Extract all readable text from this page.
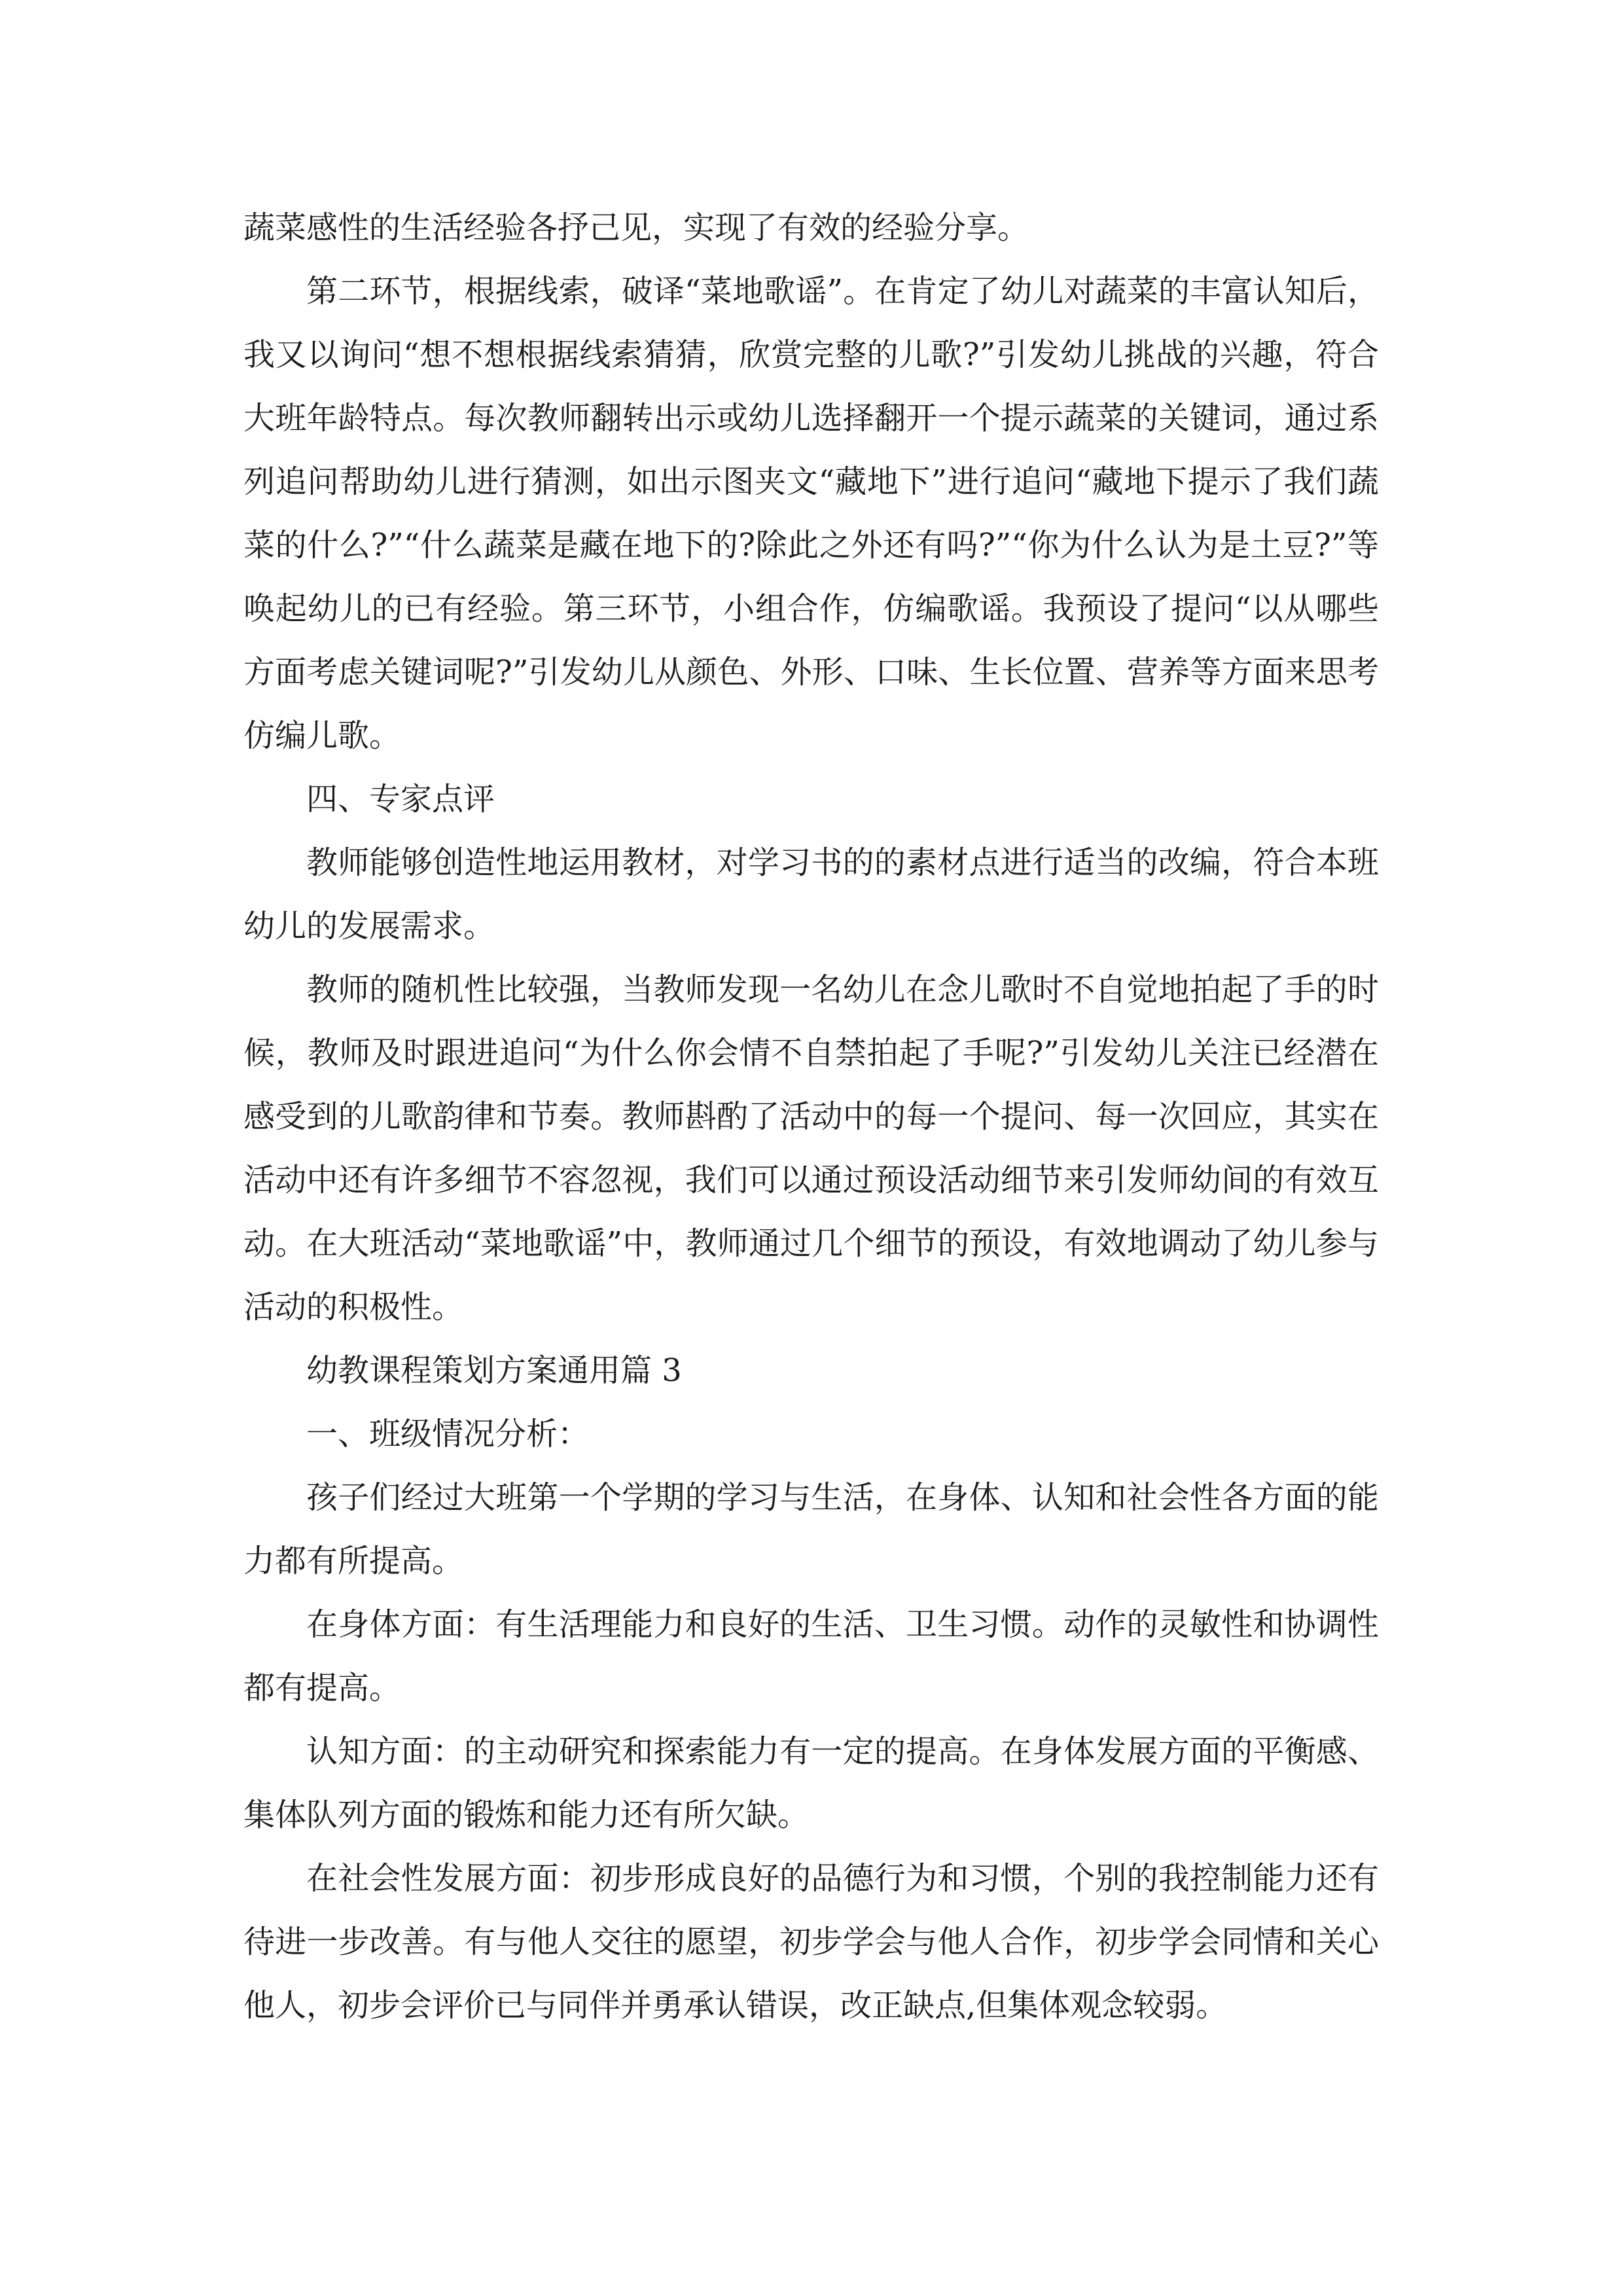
蔬菜感性的生活经验各抒己见，实现了有效的经验分享。

第二环节，根据线索，破译“菜地歌谣”。在肯定了幼儿对蔬菜的丰富认知后，我又以询问“想不想根据线索猜猜，欣赏完整的儿歌?”引发幼儿挑战的兴趣，符合大班年龄特点。每次教师翻转出示或幼儿选择翻开一个提示蔬菜的关键词，通过系列追问帮助幼儿进行猜测，如出示图夹文“藏地下”进行追问“藏地下提示了我们蔬菜的什么?”“什么蔬菜是藏在地下的?除此之外还有吗?”“你为什么认为是土豆?”等唤起幼儿的已有经验。第三环节，小组合作，仿编歌谣。我预设了提问“以从哪些方面考虑关键词呢?”引发幼儿从颜色、外形、口味、生长位置、营养等方面来思考仿编儿歌。

四、专家点评

教师能够创造性地运用教材，对学习书的的素材点进行适当的改编，符合本班幼儿的发展需求。

教师的随机性比较强，当教师发现一名幼儿在念儿歌时不自觉地拍起了手的时候，教师及时跟进追问“为什么你会情不自禁拍起了手呢?”引发幼儿关注已经潜在感受到的儿歌韵律和节奏。教师斟酌了活动中的每一个提问、每一次回应，其实在活动中还有许多细节不容忽视，我们可以通过预设活动细节来引发师幼间的有效互动。在大班活动“菜地歌谣”中，教师通过几个细节的预设，有效地调动了幼儿参与活动的积极性。

幼教课程策划方案通用篇 3

一、班级情况分析：

孩子们经过大班第一个学期的学习与生活，在身体、认知和社会性各方面的能力都有所提高。

在身体方面：有生活理能力和良好的生活、卫生习惯。动作的灵敏性和协调性都有提高。

认知方面：的主动研究和探索能力有一定的提高。在身体发展方面的平衡感、集体队列方面的锻炼和能力还有所欠缺。

在社会性发展方面：初步形成良好的品德行为和习惯，个别的我控制能力还有待进一步改善。有与他人交往的愿望，初步学会与他人合作，初步学会同情和关心他人，初步会评价已与同伴并勇承认错误，改正缺点,但集体观念较弱。
